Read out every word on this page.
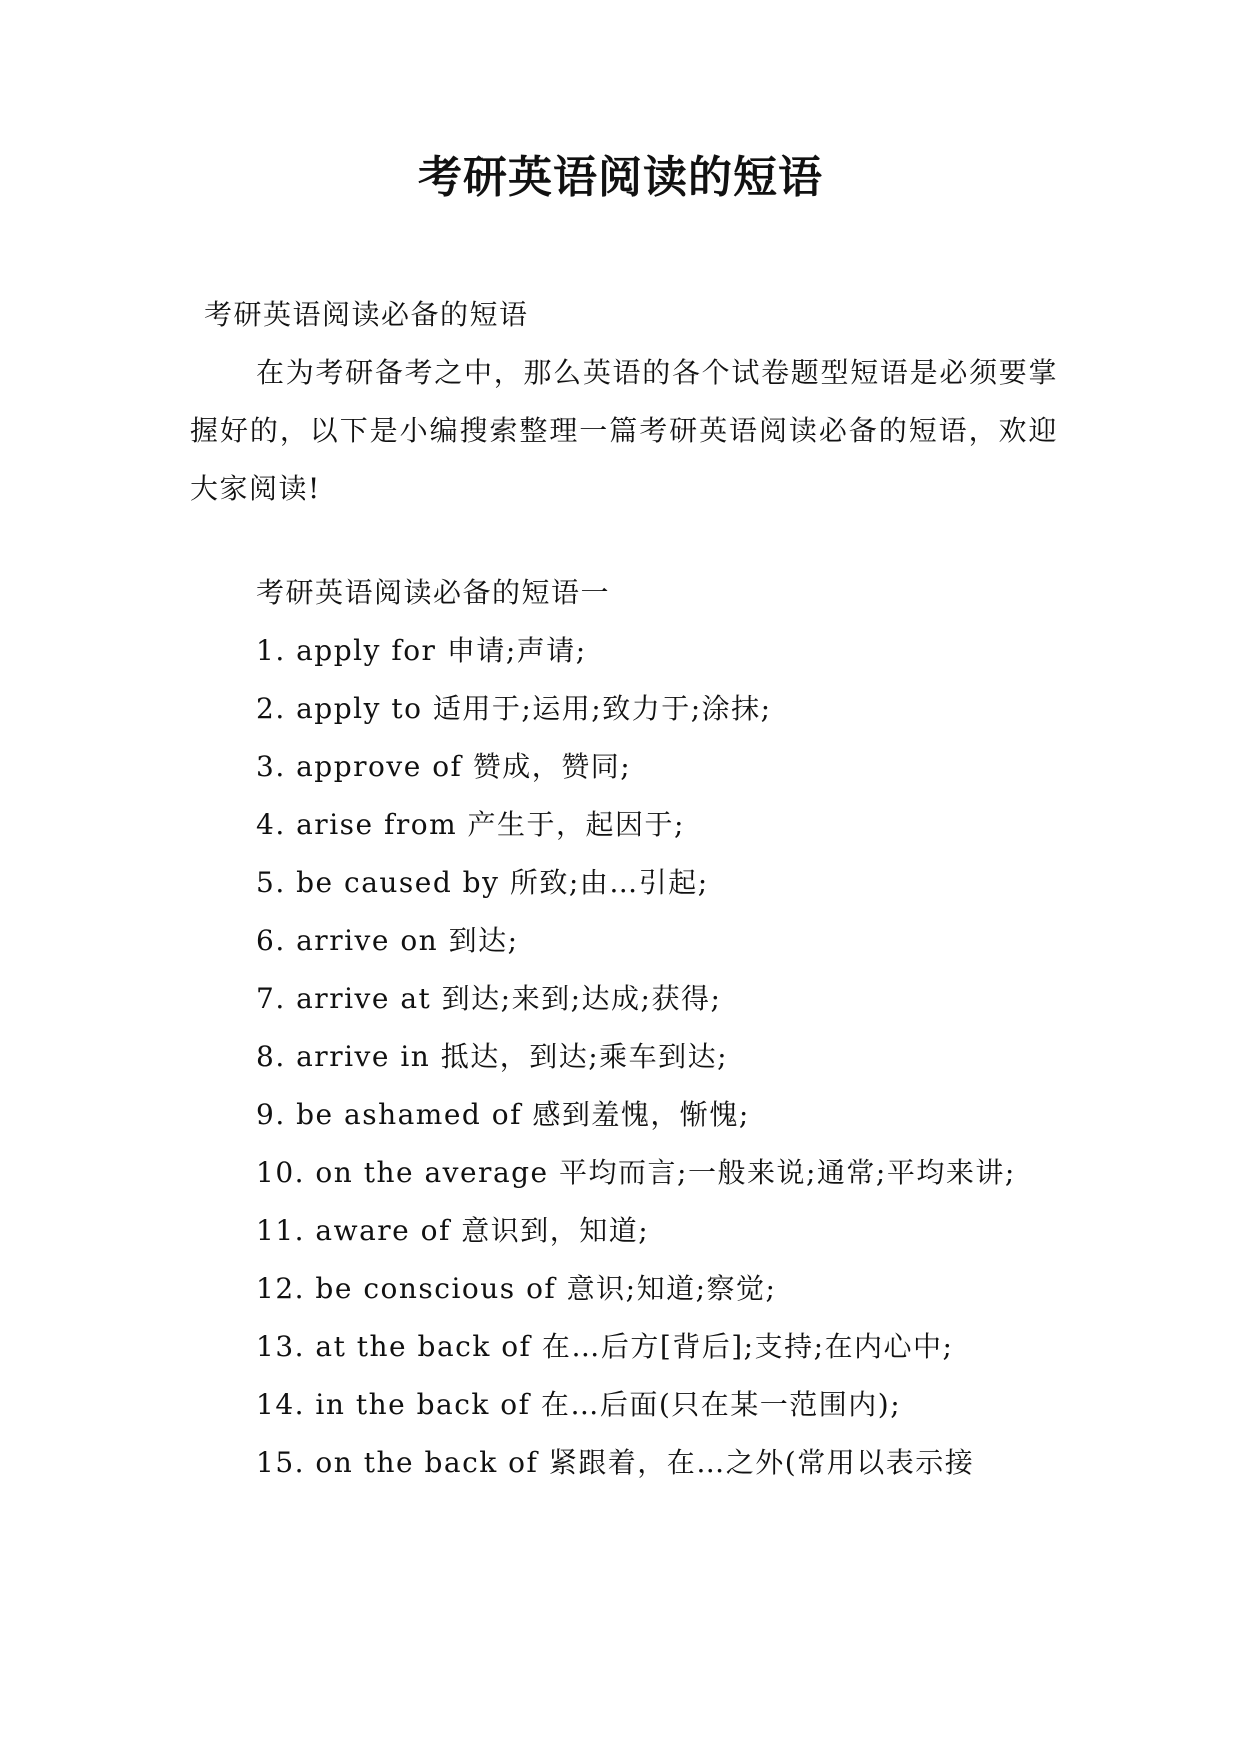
考研英语阅读的短语
考研英语阅读必备的短语

在为考研备考之中，那么英语的各个试卷题型短语是必须要掌握好的，以下是小编搜索整理一篇考研英语阅读必备的短语，欢迎大家阅读!

考研英语阅读必备的短语一
1. apply for 申请;声请;
2. apply to 适用于;运用;致力于;涂抹;
3. approve of 赞成，赞同;
4. arise from 产生于，起因于;
5. be caused by 所致;由…引起;
6. arrive on 到达;
7. arrive at 到达;来到;达成;获得;
8. arrive in 抵达，到达;乘车到达;
9. be ashamed of 感到羞愧，惭愧;
10. on the average 平均而言;一般来说;通常;平均来讲;
11. aware of 意识到，知道;
12. be conscious of 意识;知道;察觉;
13. at the back of 在…后方[背后];支持;在内心中;
14. in the back of 在…后面(只在某一范围内);
15. on the back of 紧跟着，在…之外(常用以表示接
